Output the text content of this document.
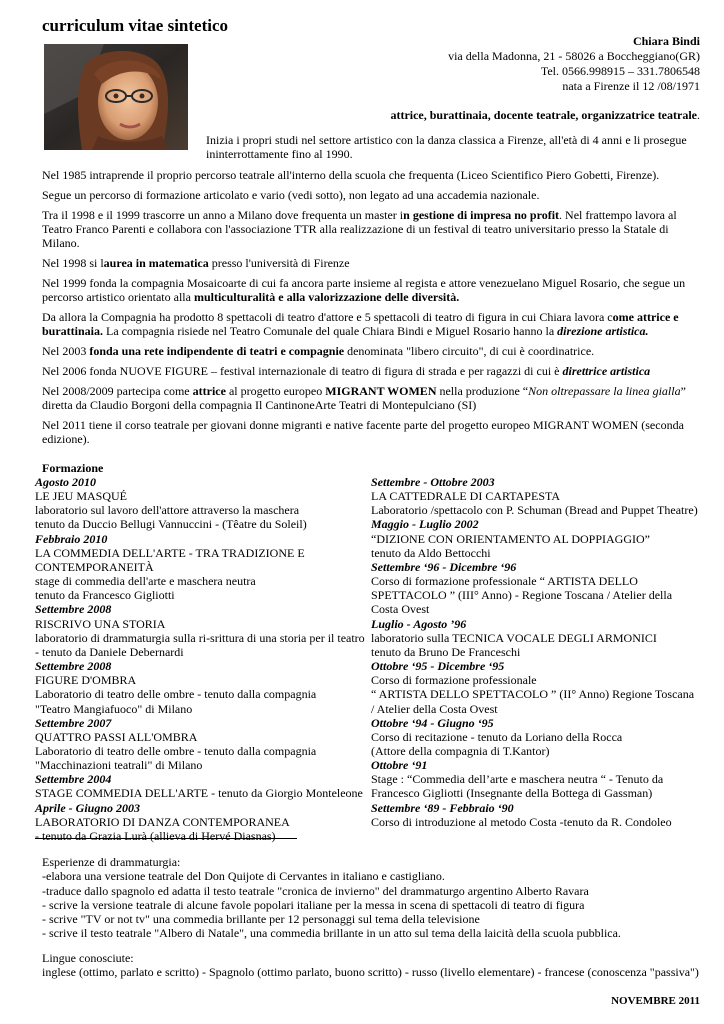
curriculum vitae sintetico
Chiara Bindi
via della Madonna, 21 - 58026 a Boccheggiano(GR)
Tel. 0566.998915 – 331.7806548
nata a Firenze il 12 /08/1971
attrice, burattinaia, docente teatrale, organizzatrice teatrale.
Inizia i propri studi nel settore artistico con la danza classica a Firenze, all'età di 4 anni e li prosegue ininterrottamente fino al 1990.

Nel 1985 intraprende il proprio percorso teatrale all'interno della scuola che frequenta (Liceo Scientifico Piero Gobetti, Firenze).

Segue un percorso di formazione articolato e vario (vedi sotto), non legato ad una accademia nazionale.

Tra il 1998 e il 1999 trascorre un anno a Milano dove frequenta un master in gestione di impresa no profit. Nel frattempo lavora al Teatro Franco Parenti e collabora con l'associazione TTR alla realizzazione di un festival di teatro universitario presso la Statale di Milano.

Nel 1998 si laurea in matematica presso l'università di Firenze

Nel 1999 fonda la compagnia Mosaicoarte di cui fa ancora parte insieme al regista e attore venezuelano Miguel Rosario, che segue un percorso artistico orientato alla multiculturalità e alla valorizzazione delle diversità.

Da allora la Compagnia ha prodotto 8 spettacoli di teatro d'attore e 5 spettacoli di teatro di figura in cui Chiara lavora come attrice e burattinaia. La compagnia risiede nel Teatro Comunale del quale Chiara Bindi e Miguel Rosario hanno la direzione artistica.

Nel 2003 fonda una rete indipendente di teatri e compagnie denominata "libero circuito", di cui è coordinatrice.

Nel 2006 fonda NUOVE FIGURE – festival internazionale di teatro di figura di strada e per ragazzi di cui è direttrice artistica

Nel 2008/2009 partecipa come attrice al progetto europeo MIGRANT WOMEN nella produzione “Non oltrepassare la linea gialla” diretta da Claudio Borgoni della compagnia Il CantinoneArte Teatri di Montepulciano (SI)

Nel 2011 tiene il corso teatrale per giovani donne migranti e native facente parte del progetto europeo MIGRANT WOMEN (seconda edizione).

Formazione
Agosto 2010
LE JEU MASQUÉ
laboratorio sul lavoro dell'attore attraverso la maschera
tenuto da Duccio Bellugi Vannuccini - (Têatre du Soleil)
Febbraio 2010
LA COMMEDIA DELL'ARTE - TRA TRADIZIONE E
CONTEMPORANEITÀ
stage di commedia dell'arte e maschera neutra
tenuto da Francesco Gigliotti
Settembre 2008
RISCRIVO UNA STORIA
laboratorio di drammaturgia sulla ri-srittura di una storia per il teatro
- tenuto da Daniele Debernardi
Settembre 2008
FIGURE D'OMBRA
Laboratorio di teatro delle ombre - tenuto dalla compagnia
"Teatro Mangiafuoco" di Milano
Settembre 2007
QUATTRO PASSI ALL'OMBRA
Laboratorio di teatro delle ombre - tenuto dalla compagnia
"Macchinazioni teatrali" di Milano
Settembre 2004
STAGE COMMEDIA DELL'ARTE - tenuto da Giorgio Monteleone
Aprile - Giugno 2003
LABORATORIO DI DANZA CONTEMPORANEA
- tenuto da Grazia Lurà (allieva di Hervé Diasnas)
Settembre - Ottobre 2003
LA CATTEDRALE DI CARTAPESTA
Laboratorio /spettacolo con P. Schuman (Bread and Puppet Theatre)
Maggio - Luglio 2002
“DIZIONE CON ORIENTAMENTO AL DOPPIAGGIO”
tenuto da Aldo Bettocchi
Settembre ‘96 - Dicembre ‘96
Corso di formazione professionale “ ARTISTA DELLO
SPETTACOLO ” (III° Anno) - Regione Toscana / Atelier della
Costa Ovest
Luglio - Agosto ’96
laboratorio sulla TECNICA VOCALE DEGLI ARMONICI
tenuto da Bruno De Franceschi
Ottobre ‘95 - Dicembre ‘95
Corso di formazione professionale
“ ARTISTA DELLO SPETTACOLO ” (II° Anno) Regione Toscana
/ Atelier della Costa Ovest
Ottobre ‘94 - Giugno ‘95
Corso di recitazione - tenuto da Loriano della Rocca
(Attore della compagnia di T.Kantor)
Ottobre ‘91
Stage : “Commedia dell’arte e maschera neutra “ - Tenuto da
Francesco Gigliotti (Insegnante della Bottega di Gassman)
Settembre ‘89 - Febbraio ‘90
Corso di introduzione al metodo Costa -tenuto da R. Condoleo
Esperienze di drammaturgia:
-elabora una versione teatrale del Don Quijote di Cervantes in italiano e castigliano.
-traduce dallo spagnolo ed adatta il testo teatrale "cronica de invierno" del drammaturgo argentino Alberto Ravara
- scrive la versione teatrale di alcune favole popolari italiane per la messa in scena di spettacoli di teatro di figura
- scrive "TV or not tv" una commedia brillante per 12 personaggi sul tema della televisione
- scrive il testo teatrale "Albero di Natale", una commedia brillante in un atto sul tema della laicità della scuola pubblica.
Lingue conosciute:
inglese (ottimo, parlato e scritto) - Spagnolo (ottimo parlato, buono scritto) - russo (livello elementare) - francese (conoscenza "passiva")
NOVEMBRE 2011
